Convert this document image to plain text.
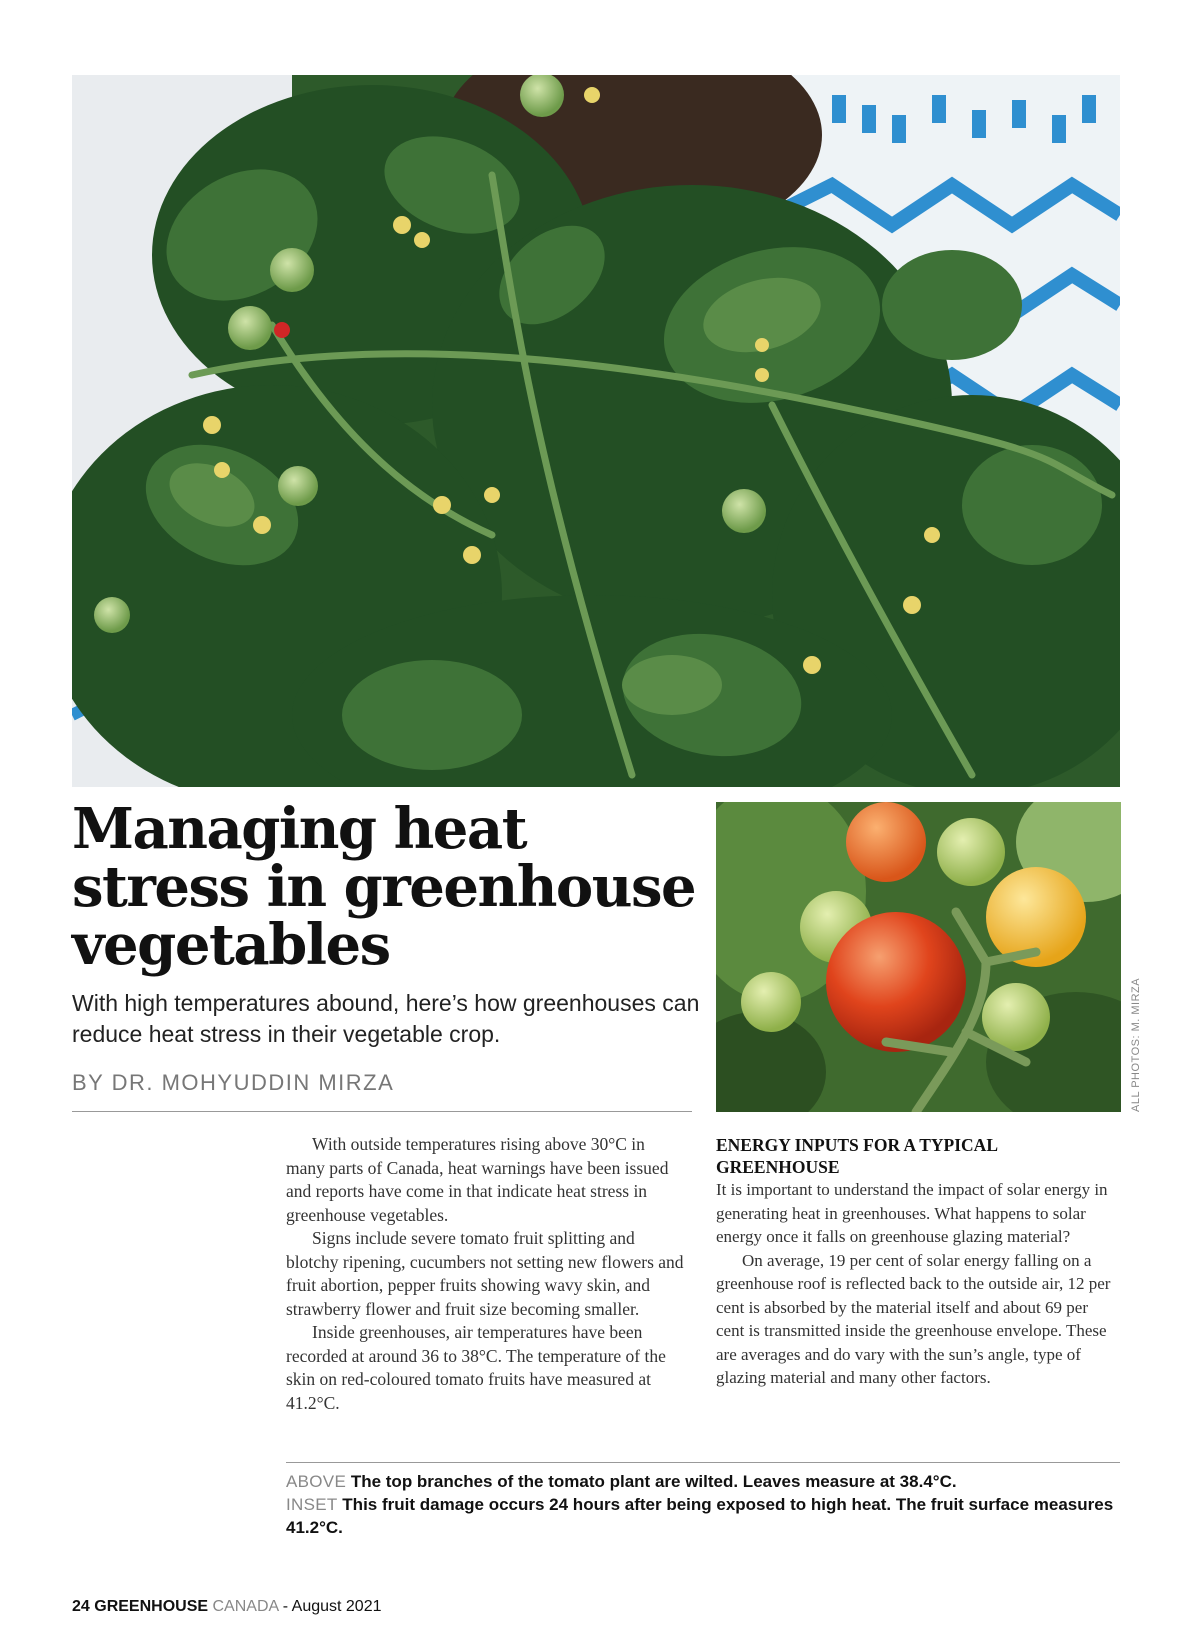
Managing heat stress in greenhouse vegetables

With high temperatures abound, here’s how greenhouses can reduce heat stress in their vegetable crop.

BY DR. MOHYUDDIN MIRZA	ALL PHOTOS: M. MIRZA

With outside temperatures rising above 30°C in many parts of Canada, heat warnings have been issued and reports have come in that indicate heat stress in greenhouse vegetables.

Signs include severe tomato fruit splitting and blotchy ripening, cucumbers not setting new flowers and fruit abortion, pepper fruits showing wavy skin, and strawberry flower and fruit size becoming smaller.

Inside greenhouses, air temperatures have been recorded at around 36 to 38°C. The temperature of the skin on red-coloured tomato fruits have measured at 41.2°C.

ENERGY INPUTS FOR A TYPICAL GREENHOUSE

It is important to understand the impact of solar energy in generating heat in greenhouses. What happens to solar energy once it falls on greenhouse glazing material?

On average, 19 per cent of solar energy falling on a greenhouse roof is reflected back to the outside air, 12 per cent is absorbed by the material itself and about 69 per cent is transmitted inside the greenhouse envelope. These are averages and do vary with the sun’s angle, type of glazing material and many other factors.

ABOVE The top branches of the tomato plant are wilted. Leaves measure at 38.4°C.

INSET This fruit damage occurs 24 hours after being exposed to high heat. The fruit surface measures 41.2°C.

24 GREENHOUSE CANADA - August 2021
